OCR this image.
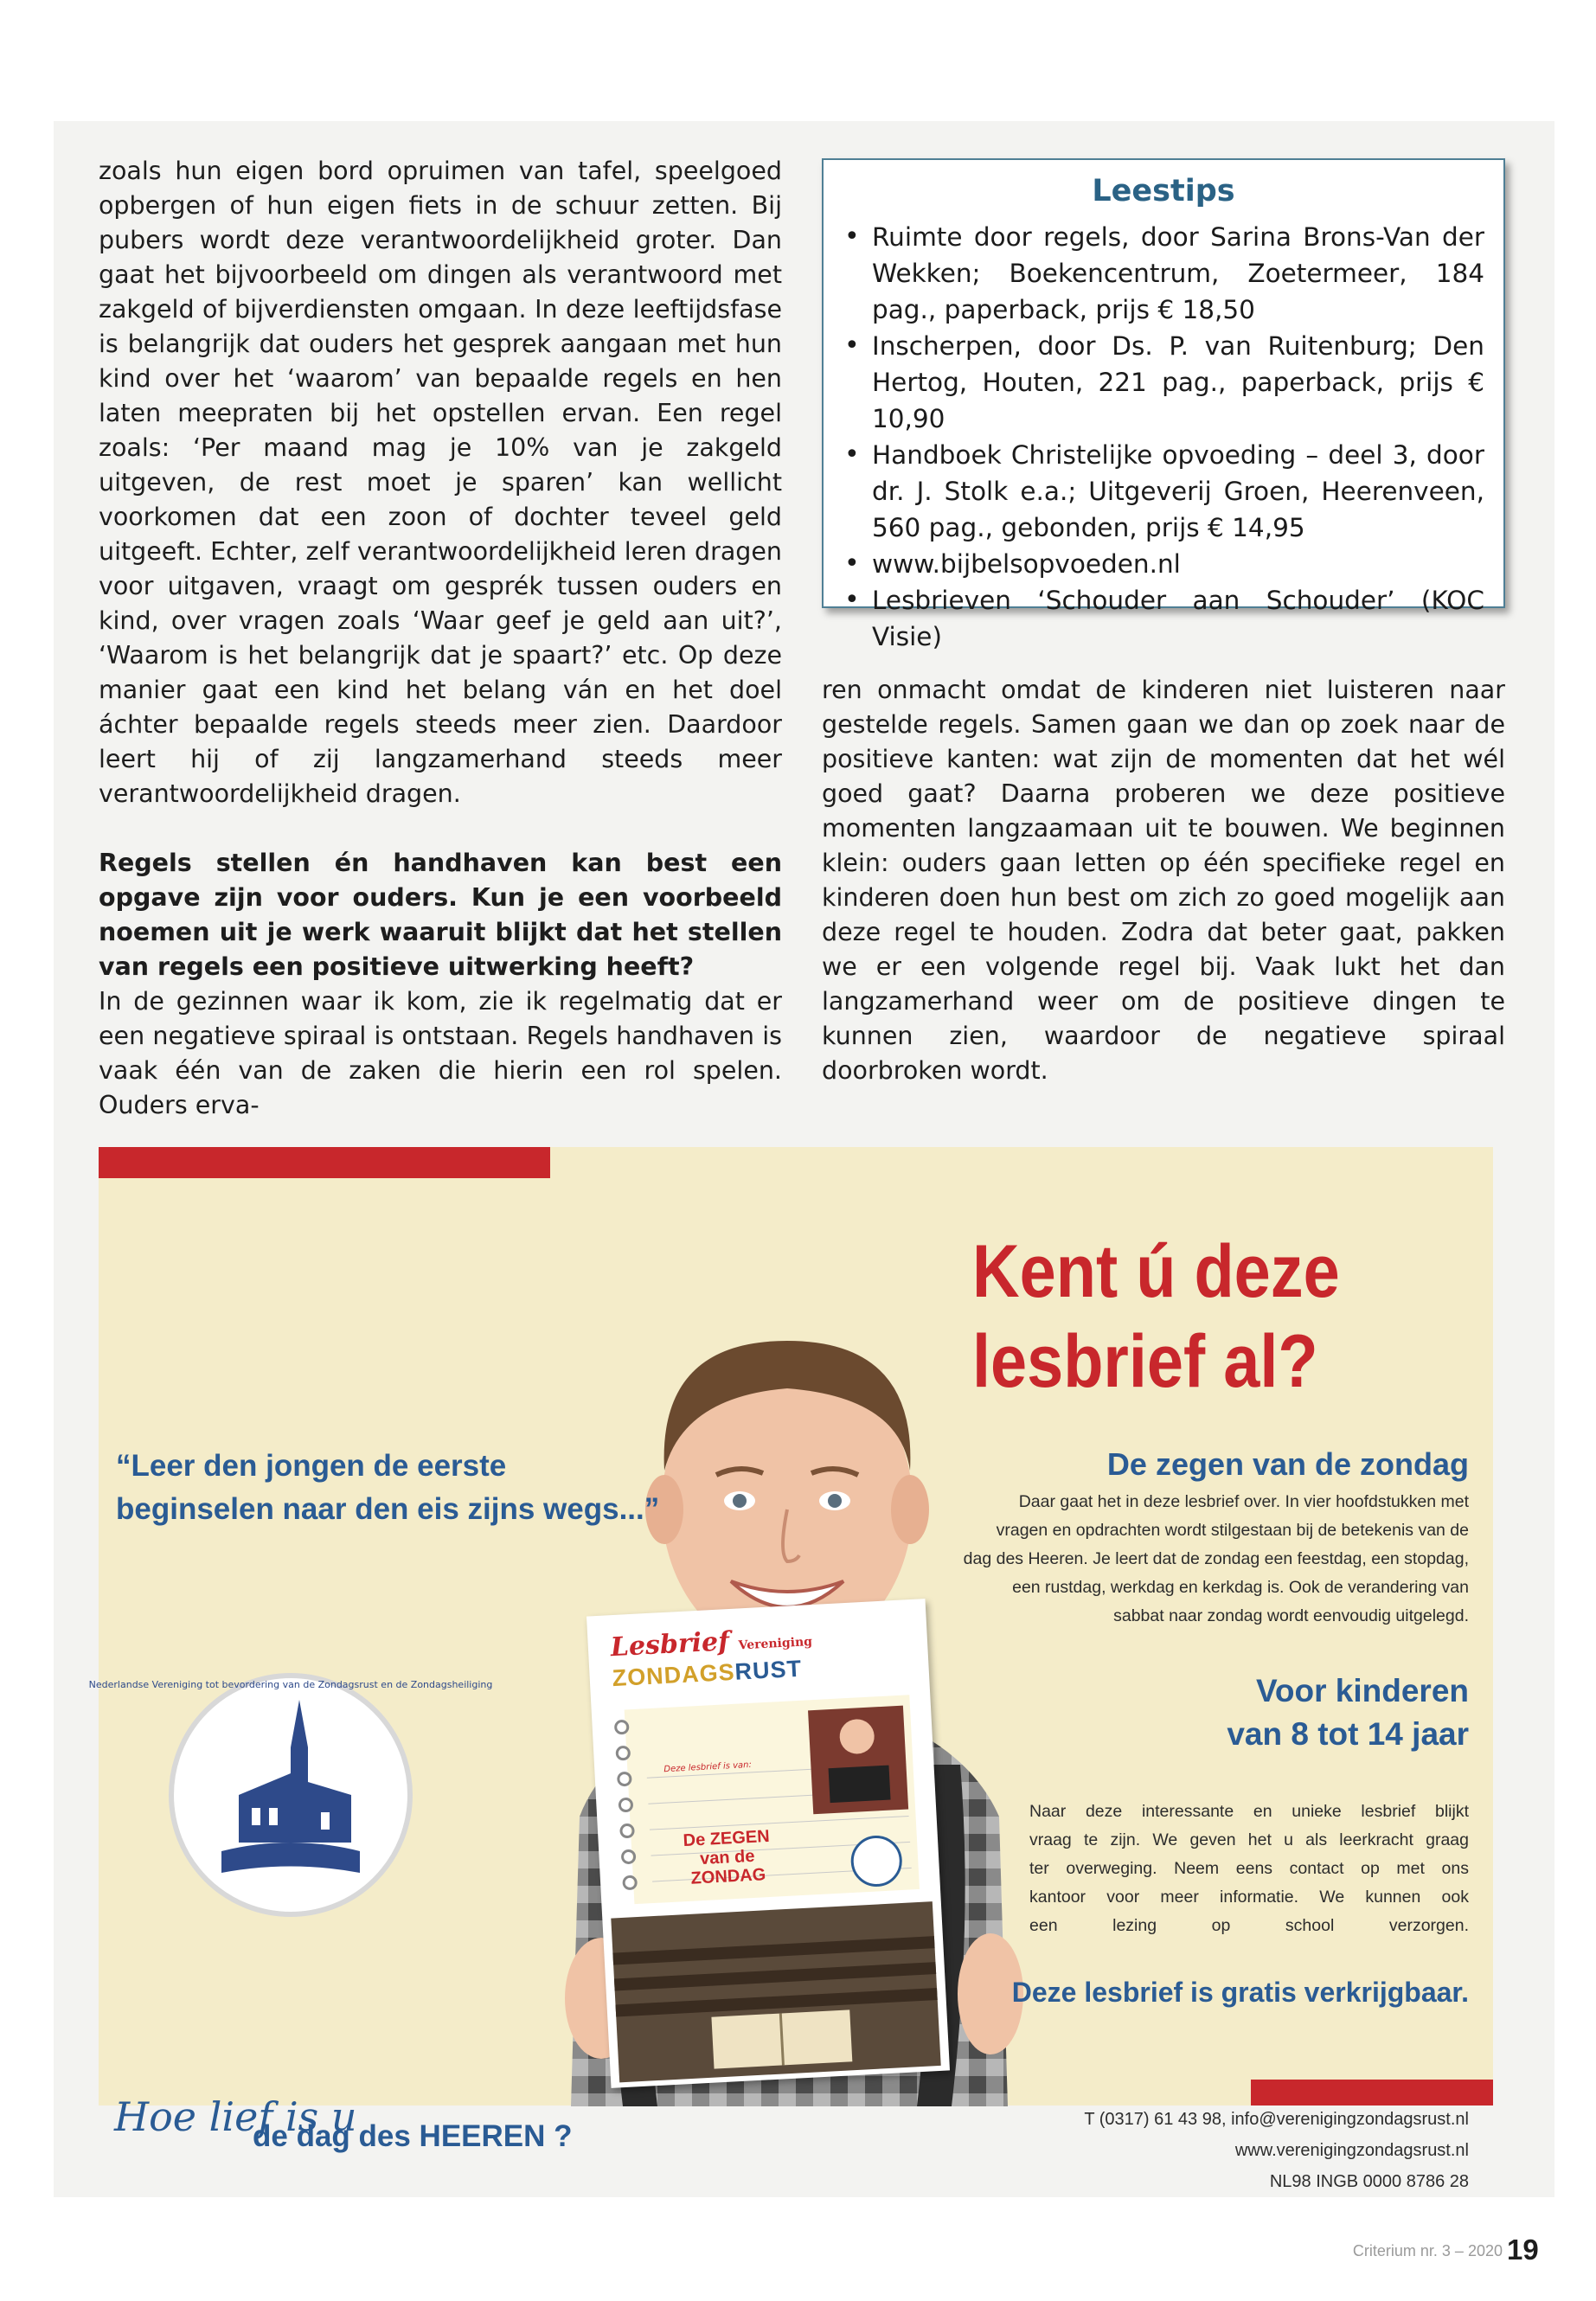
zoals hun eigen bord opruimen van tafel, speelgoed opbergen of hun eigen fiets in de schuur zetten. Bij pubers wordt deze verantwoordelijkheid groter. Dan gaat het bijvoorbeeld om dingen als verantwoord met zakgeld of bijverdiensten omgaan. In deze leeftijdsfase is belangrijk dat ouders het gesprek aangaan met hun kind over het ‘waarom’ van bepaalde regels en hen laten meepraten bij het opstellen ervan. Een regel zoals: ‘Per maand mag je 10% van je zakgeld uitgeven, de rest moet je sparen’ kan wellicht voorkomen dat een zoon of dochter teveel geld uitgeeft. Echter, zelf verantwoordelijkheid leren dragen voor uitgaven, vraagt om gesprék tussen ouders en kind, over vragen zoals ‘Waar geef je geld aan uit?’, ‘Waarom is het belangrijk dat je spaart?’ etc. Op deze manier gaat een kind het belang ván en het doel áchter bepaalde regels steeds meer zien. Daardoor leert hij of zij langzamerhand steeds meer verantwoordelijkheid dragen.

Regels stellen én handhaven kan best een opgave zijn voor ouders. Kun je een voorbeeld noemen uit je werk waaruit blijkt dat het stellen van regels een positieve uitwerking heeft?

In de gezinnen waar ik kom, zie ik regelmatig dat er een negatieve spiraal is ontstaan. Regels handhaven is vaak één van de zaken die hierin een rol spelen. Ouders erva-

Leestips
• Ruimte door regels, door Sarina Brons-Van der Wekken; Boekencentrum, Zoetermeer, 184 pag., paperback, prijs € 18,50
• Inscherpen, door Ds. P. van Ruitenburg; Den Hertog, Houten, 221 pag., paperback, prijs € 10,90
• Handboek Christelijke opvoeding – deel 3, door dr. J. Stolk e.a.; Uitgeverij Groen, Heerenveen, 560 pag., gebonden, prijs € 14,95
• www.bijbelsopvoeden.nl
• Lesbrieven ‘Schouder aan Schouder’ (KOC Visie)

ren onmacht omdat de kinderen niet luisteren naar gestelde regels. Samen gaan we dan op zoek naar de positieve kanten: wat zijn de momenten dat het wél goed gaat? Daarna proberen we deze positieve momenten langzaamaan uit te bouwen. We beginnen klein: ouders gaan letten op één specifieke regel en kinderen doen hun best om zich zo goed mogelijk aan deze regel te houden. Zodra dat beter gaat, pakken we er een volgende regel bij. Vaak lukt het dan langzamerhand weer om de positieve dingen te kunnen zien, waardoor de negatieve spiraal doorbroken wordt.

Lesbrief Vereniging
ZONDAGSRUST
Deze lesbrief is van:
De ZEGEN
van de
ZONDAG
Nederlandse Vereniging tot bevordering van de Zondagsrust en de Zondagsheiliging
Kent ú deze
lesbrief al?
“Leer den jongen de eerste
beginselen naar den eis zijns wegs...”
De zegen van de zondag
Daar gaat het in deze lesbrief over. In vier hoofdstukken met
vragen en opdrachten wordt stilgestaan bij de betekenis van de
dag des Heeren. Je leert dat de zondag een feestdag, een stopdag,
een rustdag, werkdag en kerkdag is. Ook de verandering van
sabbat naar zondag wordt eenvoudig uitgelegd.
Voor kinderen
van 8 tot 14 jaar
Naar deze interessante en unieke lesbrief blijkt
vraag te zijn. We geven het u als leerkracht graag
ter overweging. Neem eens contact op met ons
kantoor voor meer informatie. We kunnen ook
een lezing op school verzorgen.
Deze lesbrief is gratis verkrijgbaar.
T (0317) 61 43 98, info@verenigingzondagsrust.nl
www.verenigingzondagsrust.nl
NL98 INGB 0000 8786 28
Hoe lief is u
de dag des HEEREN ?
Criterium nr. 3 – 2020 19
